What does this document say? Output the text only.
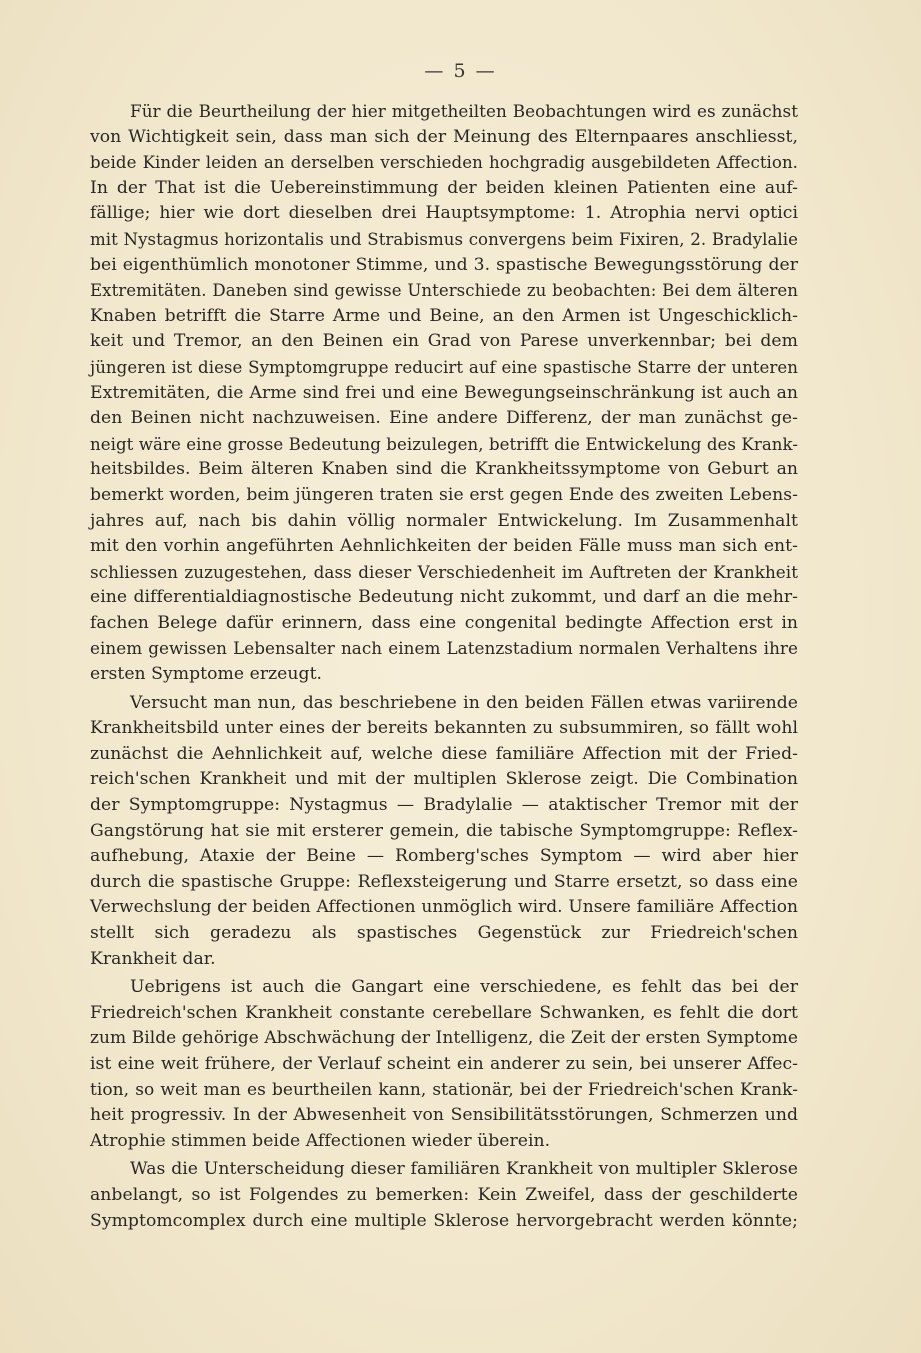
— 5 —
Für die Beurtheilung der hier mitgetheilten Beobachtungen wird es zunächst
von Wichtigkeit sein, dass man sich der Meinung des Elternpaares anschliesst,
beide Kinder leiden an derselben verschieden hochgradig ausgebildeten Affection.
In der That ist die Uebereinstimmung der beiden kleinen Patienten eine auf-
fällige; hier wie dort dieselben drei Hauptsymptome: 1. Atrophia nervi optici
mit Nystagmus horizontalis und Strabismus convergens beim Fixiren, 2. Bradylalie
bei eigenthümlich monotoner Stimme, und 3. spastische Bewegungsstörung der
Extremitäten. Daneben sind gewisse Unterschiede zu beobachten: Bei dem älteren
Knaben betrifft die Starre Arme und Beine, an den Armen ist Ungeschicklich-
keit und Tremor, an den Beinen ein Grad von Parese unverkennbar; bei dem
jüngeren ist diese Symptomgruppe reducirt auf eine spastische Starre der unteren
Extremitäten, die Arme sind frei und eine Bewegungseinschränkung ist auch an
den Beinen nicht nachzuweisen. Eine andere Differenz, der man zunächst ge-
neigt wäre eine grosse Bedeutung beizulegen, betrifft die Entwickelung des Krank-
heitsbildes. Beim älteren Knaben sind die Krankheitssymptome von Geburt an
bemerkt worden, beim jüngeren traten sie erst gegen Ende des zweiten Lebens-
jahres auf, nach bis dahin völlig normaler Entwickelung. Im Zusammenhalt
mit den vorhin angeführten Aehnlichkeiten der beiden Fälle muss man sich ent-
schliessen zuzugestehen, dass dieser Verschiedenheit im Auftreten der Krankheit
eine differentialdiagnostische Bedeutung nicht zukommt, und darf an die mehr-
fachen Belege dafür erinnern, dass eine congenital bedingte Affection erst in
einem gewissen Lebensalter nach einem Latenzstadium normalen Verhaltens ihre
ersten Symptome erzeugt.
Versucht man nun, das beschriebene in den beiden Fällen etwas variirende
Krankheitsbild unter eines der bereits bekannten zu subsummiren, so fällt wohl
zunächst die Aehnlichkeit auf, welche diese familiäre Affection mit der Fried-
reich'schen Krankheit und mit der multiplen Sklerose zeigt. Die Combination
der Symptomgruppe: Nystagmus — Bradylalie — ataktischer Tremor mit der
Gangstörung hat sie mit ersterer gemein, die tabische Symptomgruppe: Reflex-
aufhebung, Ataxie der Beine — Romberg'sches Symptom — wird aber hier
durch die spastische Gruppe: Reflexsteigerung und Starre ersetzt, so dass eine
Verwechslung der beiden Affectionen unmöglich wird. Unsere familiäre Affection
stellt sich geradezu als spastisches Gegenstück zur Friedreich'schen
Krankheit dar.
Uebrigens ist auch die Gangart eine verschiedene, es fehlt das bei der
Friedreich'schen Krankheit constante cerebellare Schwanken, es fehlt die dort
zum Bilde gehörige Abschwächung der Intelligenz, die Zeit der ersten Symptome
ist eine weit frühere, der Verlauf scheint ein anderer zu sein, bei unserer Affec-
tion, so weit man es beurtheilen kann, stationär, bei der Friedreich'schen Krank-
heit progressiv. In der Abwesenheit von Sensibilitätsstörungen, Schmerzen und
Atrophie stimmen beide Affectionen wieder überein.
Was die Unterscheidung dieser familiären Krankheit von multipler Sklerose
anbelangt, so ist Folgendes zu bemerken: Kein Zweifel, dass der geschilderte
Symptomcomplex durch eine multiple Sklerose hervorgebracht werden könnte;
